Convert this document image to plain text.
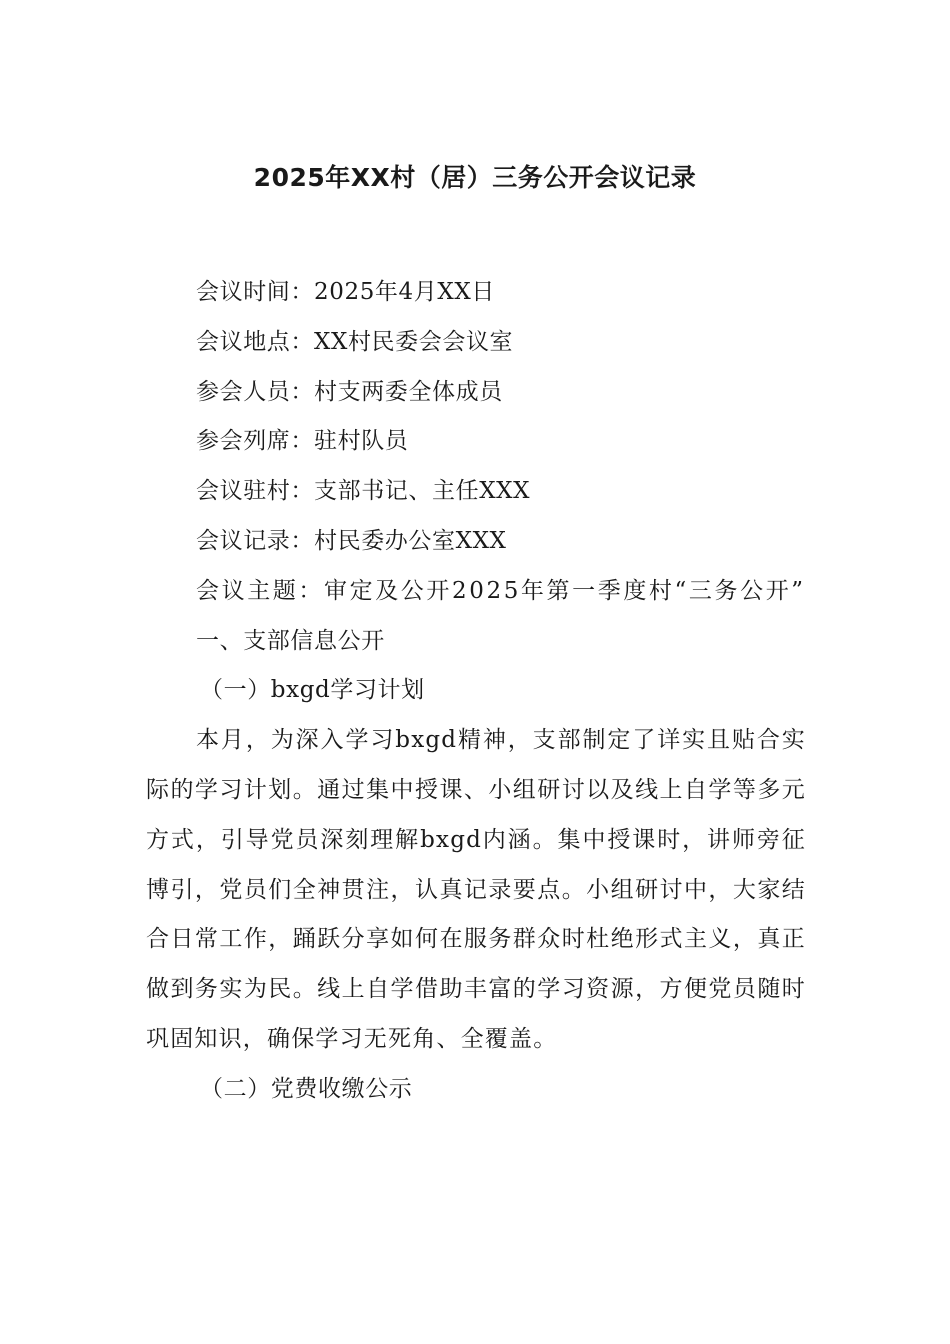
2025年XX村（居）三务公开会议记录

会议时间：2025年4月XX日

会议地点：XX村民委会会议室

参会人员：村支两委全体成员

参会列席：驻村队员

会议驻村：支部书记、主任XXX

会议记录：村民委办公室XXX

会议主题：审定及公开2025年第一季度村“三务公开”

一、支部信息公开

（一）bxgd学习计划

本月，为深入学习bxgd精神，支部制定了详实且贴合实际的学习计划。通过集中授课、小组研讨以及线上自学等多元方式，引导党员深刻理解bxgd内涵。集中授课时，讲师旁征博引，党员们全神贯注，认真记录要点。小组研讨中，大家结合日常工作，踊跃分享如何在服务群众时杜绝形式主义，真正做到务实为民。线上自学借助丰富的学习资源，方便党员随时巩固知识，确保学习无死角、全覆盖。

（二）党费收缴公示
